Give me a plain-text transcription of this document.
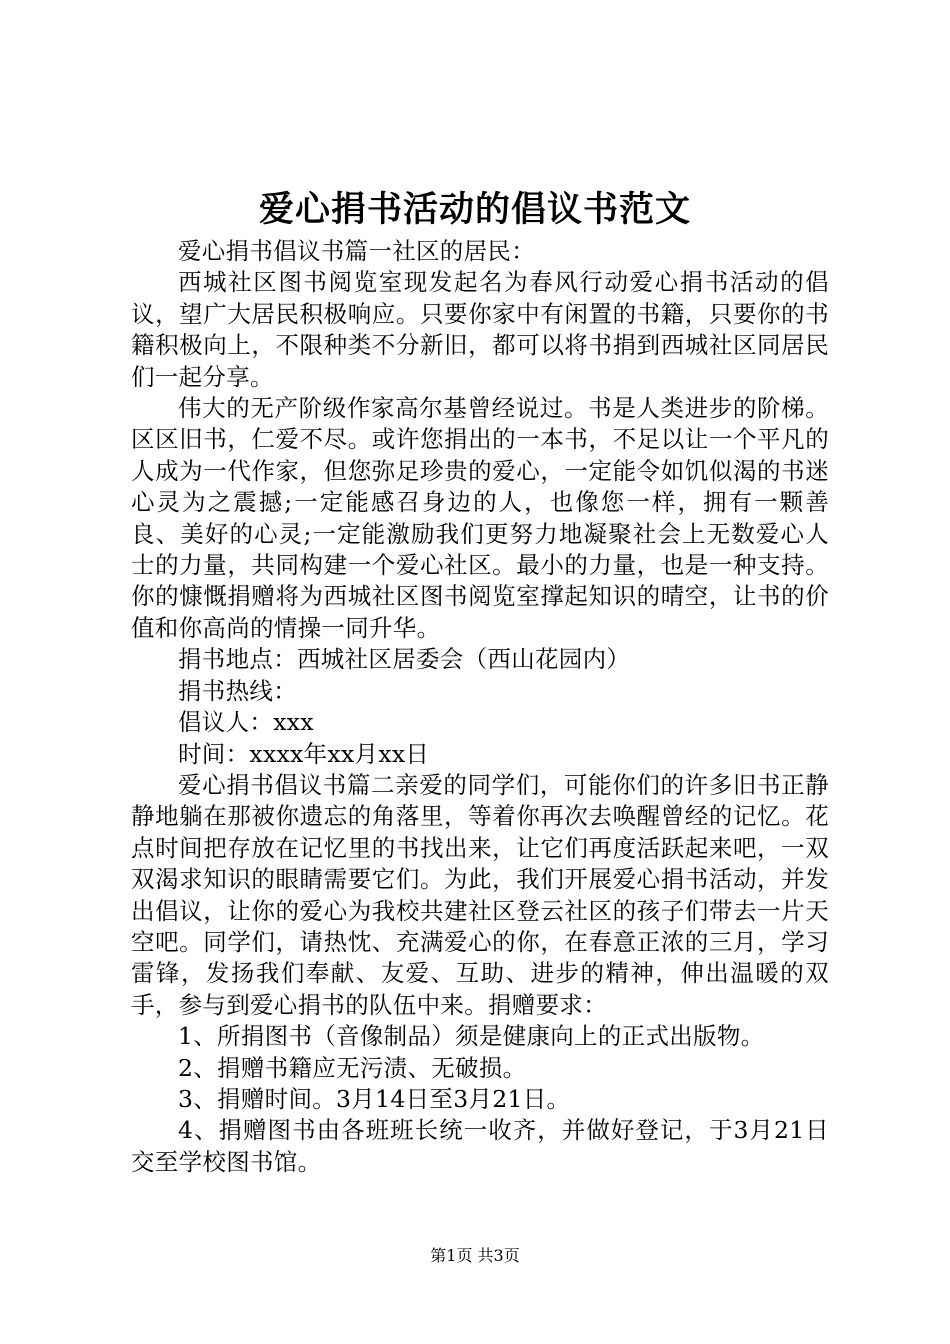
爱心捐书活动的倡议书范文

爱心捐书倡议书篇一社区的居民：

西城社区图书阅览室现发起名为春风行动爱心捐书活动的倡议，望广大居民积极响应。只要你家中有闲置的书籍，只要你的书籍积极向上，不限种类不分新旧，都可以将书捐到西城社区同居民们一起分享。

伟大的无产阶级作家高尔基曾经说过。书是人类进步的阶梯。区区旧书，仁爱不尽。或许您捐出的一本书，不足以让一个平凡的人成为一代作家，但您弥足珍贵的爱心，一定能令如饥似渴的书迷心灵为之震撼;一定能感召身边的人，也像您一样，拥有一颗善良、美好的心灵;一定能激励我们更努力地凝聚社会上无数爱心人士的力量，共同构建一个爱心社区。最小的力量，也是一种支持。你的慷慨捐赠将为西城社区图书阅览室撑起知识的晴空，让书的价值和你高尚的情操一同升华。

捐书地点：西城社区居委会（西山花园内）

捐书热线：

倡议人：xxx

时间：xxxx年xx月xx日

爱心捐书倡议书篇二亲爱的同学们，可能你们的许多旧书正静静地躺在那被你遗忘的角落里，等着你再次去唤醒曾经的记忆。花点时间把存放在记忆里的书找出来，让它们再度活跃起来吧，一双双渴求知识的眼睛需要它们。为此，我们开展爱心捐书活动，并发出倡议，让你的爱心为我校共建社区登云社区的孩子们带去一片天空吧。同学们，请热忱、充满爱心的你，在春意正浓的三月，学习雷锋，发扬我们奉献、友爱、互助、进步的精神，伸出温暖的双手，参与到爱心捐书的队伍中来。捐赠要求：

1、所捐图书（音像制品）须是健康向上的正式出版物。

2、捐赠书籍应无污渍、无破损。

3、捐赠时间。3月14日至3月21日。

4、捐赠图书由各班班长统一收齐，并做好登记，于3月21日交至学校图书馆。

第1页 共3页
